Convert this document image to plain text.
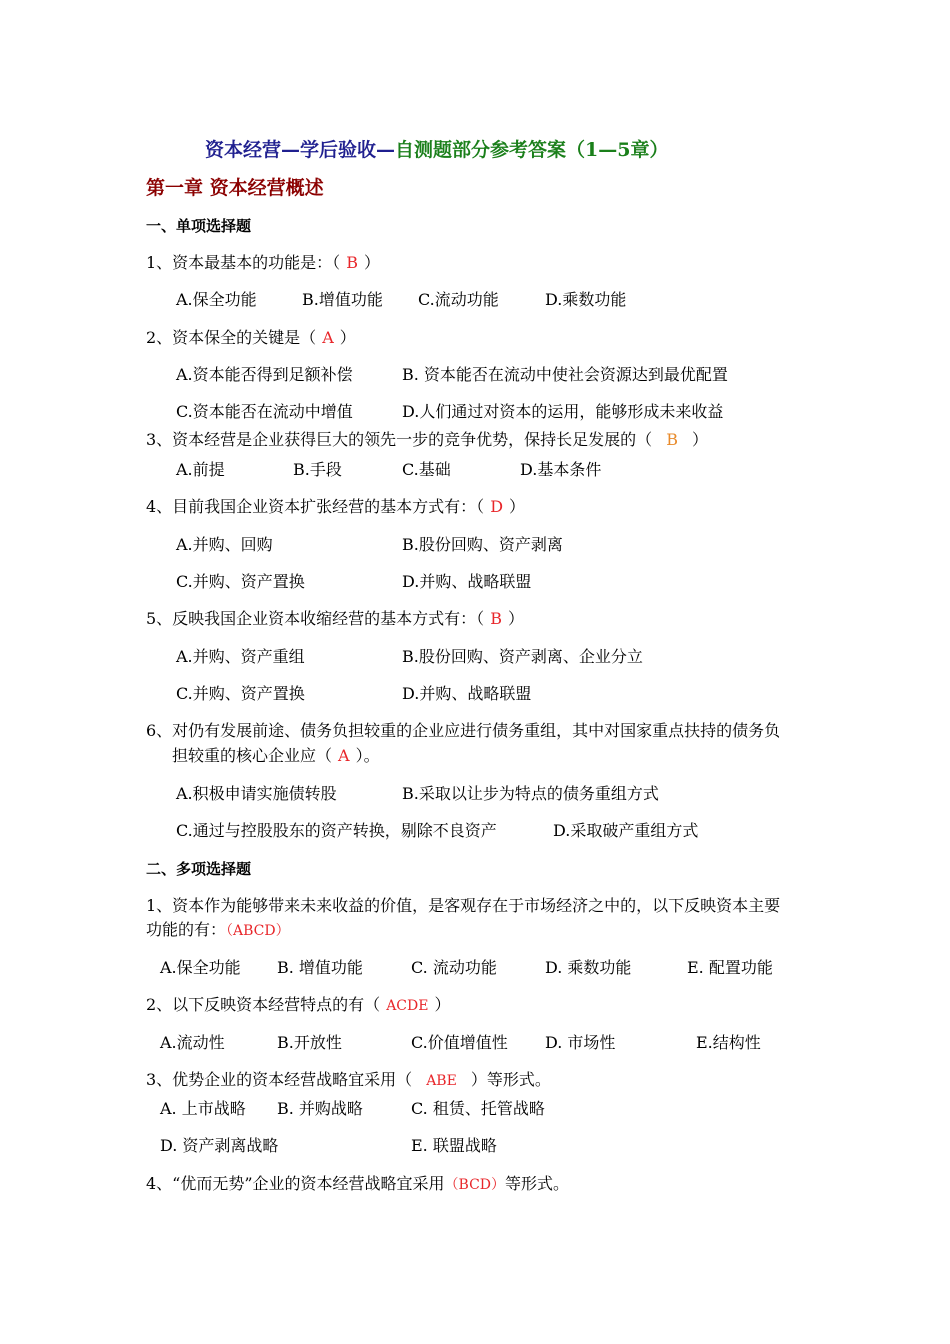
资本经营—学后验收—自测题部分参考答案（1—5章）
第一章 资本经营概述
一、单项选择题
1、资本最基本的功能是：（ B ）
A.保全功能	B.增值功能 C.流动功能	D.乘数功能
2、资本保全的关键是（ A ）
A.资本能否得到足额补偿	B. 资本能否在流动中使社会资源达到最优配置
C.资本能否在流动中增值	D.人们通过对资本的运用，能够形成未来收益
3、资本经营是企业获得巨大的领先一步的竞争优势，保持长足发展的（ B ）
A.前提	B.手段	C.基础	D.基本条件
4、目前我国企业资本扩张经营的基本方式有：（ D ）
A.并购、回购	B.股份回购、资产剥离
C.并购、资产置换	D.并购、战略联盟
5、反映我国企业资本收缩经营的基本方式有：（ B ）
A.并购、资产重组	B.股份回购、资产剥离、企业分立
C.并购、资产置换	D.并购、战略联盟
6、对仍有发展前途、债务负担较重的企业应进行债务重组，其中对国家重点扶持的债务负
担较重的核心企业应（ A ）。
A.积极申请实施债转股	B.采取以让步为特点的债务重组方式
C.通过与控股股东的资产转换，剔除不良资产	D.采取破产重组方式
二、多项选择题
1、资本作为能够带来未来收益的价值，是客观存在于市场经济之中的，以下反映资本主要
功能的有：（ABCD）
A.保全功能 B. 增值功能	C. 流动功能	D. 乘数功能	E. 配置功能
2、以下反映资本经营特点的有（ ACDE ）
A.流动性	B.开放性	C.价值增值性 D. 市场性	E.结构性
3、优势企业的资本经营战略宜采用（ ABE ）等形式。
A. 上市战略 B. 并购战略	C. 租赁、托管战略
D. 资产剥离战略	E. 联盟战略
4、“优而无势”企业的资本经营战略宜采用（BCD）等形式。
